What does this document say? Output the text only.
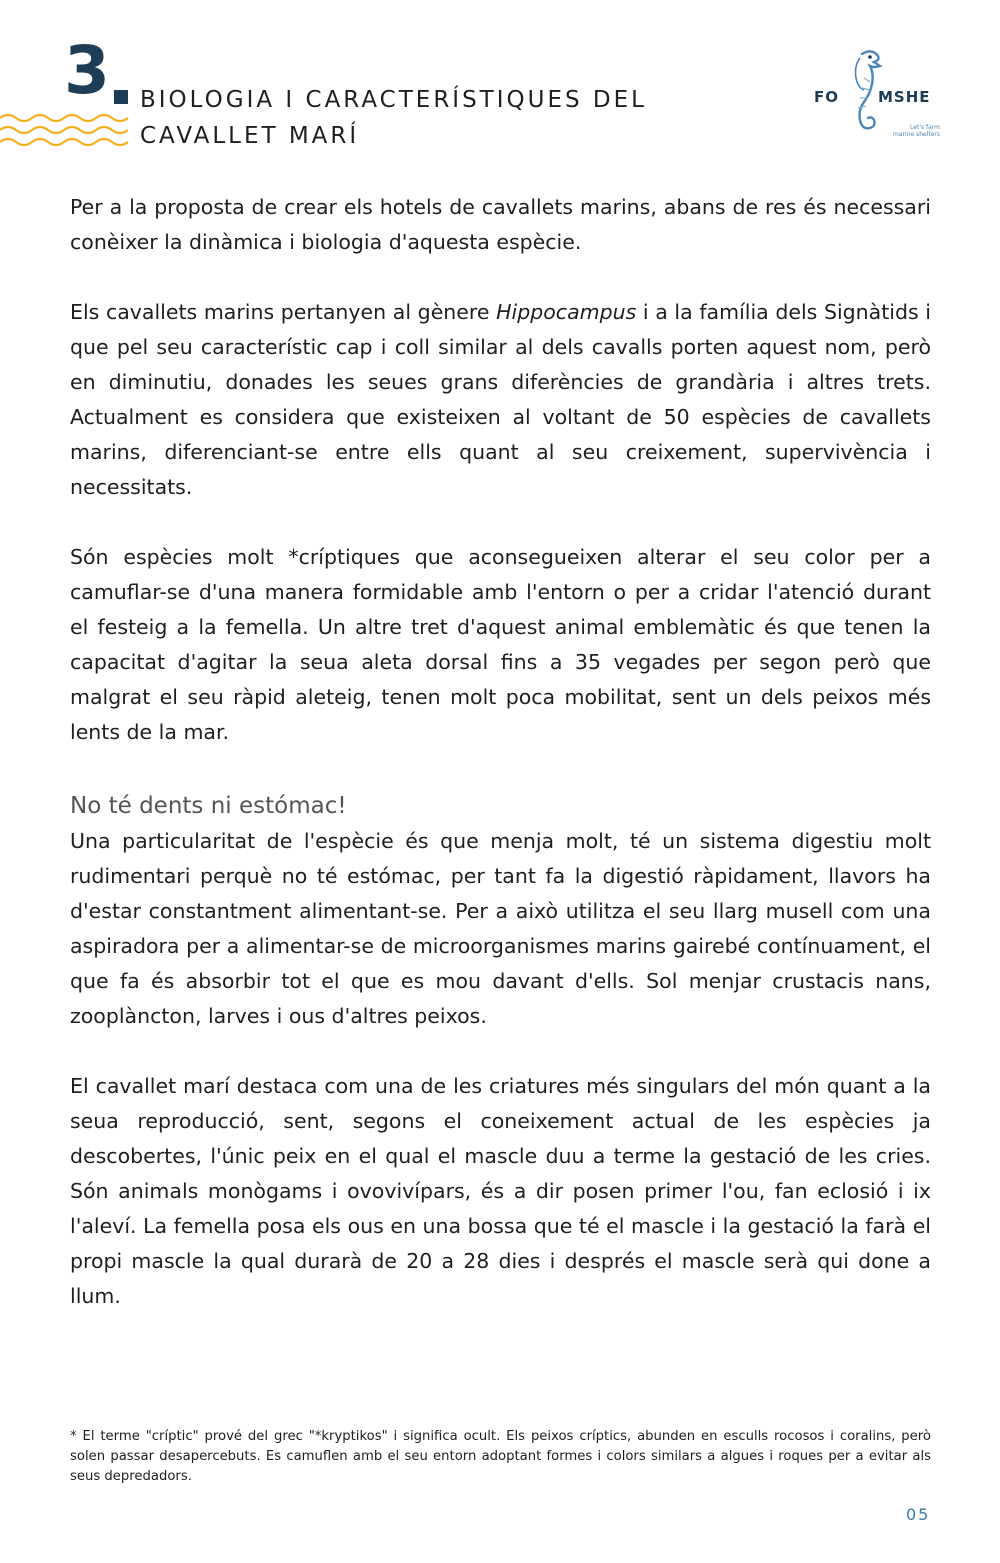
3 BIOLOGIA I CARACTERÍSTIQUES DEL
CAVALLET MARÍ
FO	MSHE
Let's farm
marine shelters

Per a la proposta de crear els hotels de cavallets marins, abans de res és necessari conèixer la dinàmica i biologia d'aquesta espècie.

Els cavallets marins pertanyen al gènere Hippocampus i a la família dels Signàtids i que pel seu característic cap i coll similar al dels cavalls porten aquest nom, però en diminutiu, donades les seues grans diferències de grandària i altres trets. Actualment es considera que existeixen al voltant de 50 espècies de cavallets marins, diferenciant-se entre ells quant al seu creixement, supervivència i necessitats.

Són espècies molt *críptiques que aconsegueixen alterar el seu color per a camuflar-se d'una manera formidable amb l'entorn o per a cridar l'atenció durant el festeig a la femella. Un altre tret d'aquest animal emblemàtic és que tenen la capacitat d'agitar la seua aleta dorsal fins a 35 vegades per segon però que malgrat el seu ràpid aleteig, tenen molt poca mobilitat, sent un dels peixos més lents de la mar.

No té dents ni estómac!

Una particularitat de l'espècie és que menja molt, té un sistema digestiu molt rudimentari perquè no té estómac, per tant fa la digestió ràpidament, llavors ha d'estar constantment alimentant-se. Per a això utilitza el seu llarg musell com una aspiradora per a alimentar-se de microorganismes marins gairebé contínuament, el que fa és absorbir tot el que es mou davant d'ells. Sol menjar crustacis nans, zooplàncton, larves i ous d'altres peixos.

El cavallet marí destaca com una de les criatures més singulars del món quant a la seua reproducció, sent, segons el coneixement actual de les espècies ja descobertes, l'únic peix en el qual el mascle duu a terme la gestació de les cries. Són animals monògams i ovovivípars, és a dir posen primer l'ou, fan eclosió i ix l'aleví. La femella posa els ous en una bossa que té el mascle i la gestació la farà el propi mascle la qual durarà de 20 a 28 dies i després el mascle serà qui done a llum.

* El terme "críptic" prové del grec "*kryptikos" i significa ocult. Els peixos críptics, abunden en esculls rocosos i coralins, però solen passar desapercebuts. Es camuflen amb el seu entorn adoptant formes i colors similars a algues i roques per a evitar als seus depredadors.
05
